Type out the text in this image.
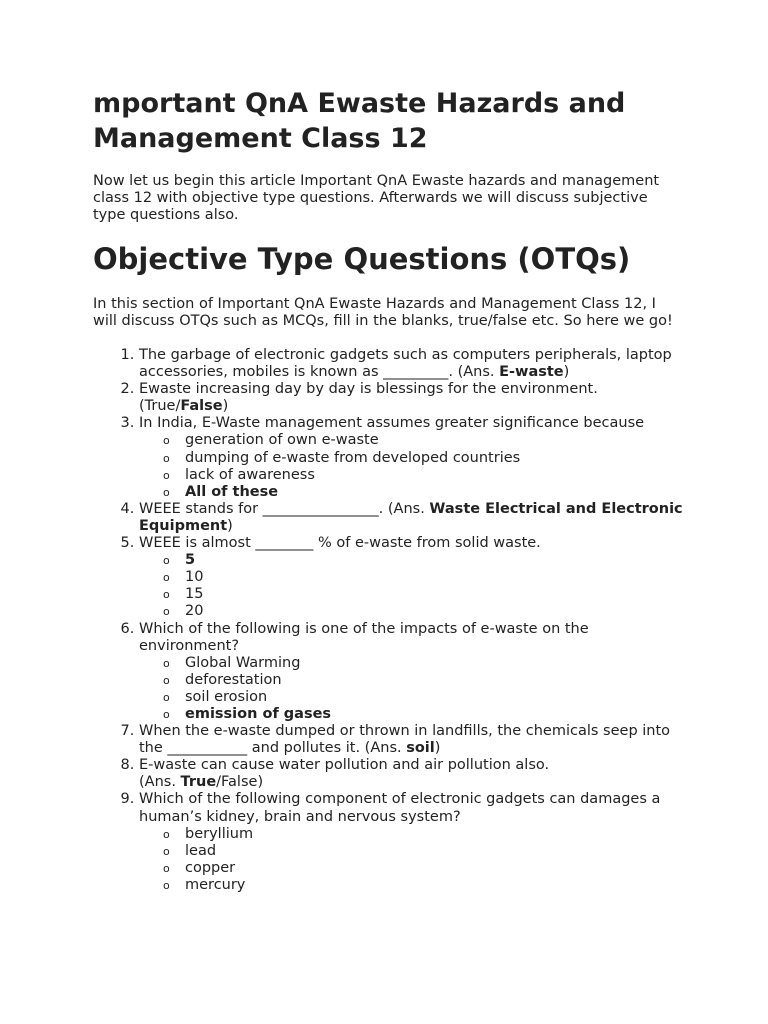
mportant QnA Ewaste Hazards and Management Class 12

Now let us begin this article Important QnA Ewaste hazards and management class 12 with objective type questions. Afterwards we will discuss subjective type questions also.

Objective Type Questions (OTQs)

In this section of Important QnA Ewaste Hazards and Management Class 12, I will discuss OTQs such as MCQs, fill in the blanks, true/false etc. So here we go!

1. The garbage of electronic gadgets such as computers peripherals, laptop accessories, mobiles is known as _________. (Ans. E-waste)
2. Ewaste increasing day by day is blessings for the environment. (True/False)
3. In India, E-Waste management assumes greater significance because
o generation of own e-waste
o dumping of e-waste from developed countries
o lack of awareness
o All of these
4. WEEE stands for ________________. (Ans. Waste Electrical and Electronic Equipment)
5. WEEE is almost ________ % of e-waste from solid waste.
o 5
o 10
o 15
o 20
6. Which of the following is one of the impacts of e-waste on the environment?
o Global Warming
o deforestation
o soil erosion
o emission of gases
7. When the e-waste dumped or thrown in landfills, the chemicals seep into the ___________ and pollutes it. (Ans. soil)
8. E-waste can cause water pollution and air pollution also.
(Ans. True/False)
9. Which of the following component of electronic gadgets can damages a human’s kidney, brain and nervous system?
o beryllium
o lead
o copper
o mercury
